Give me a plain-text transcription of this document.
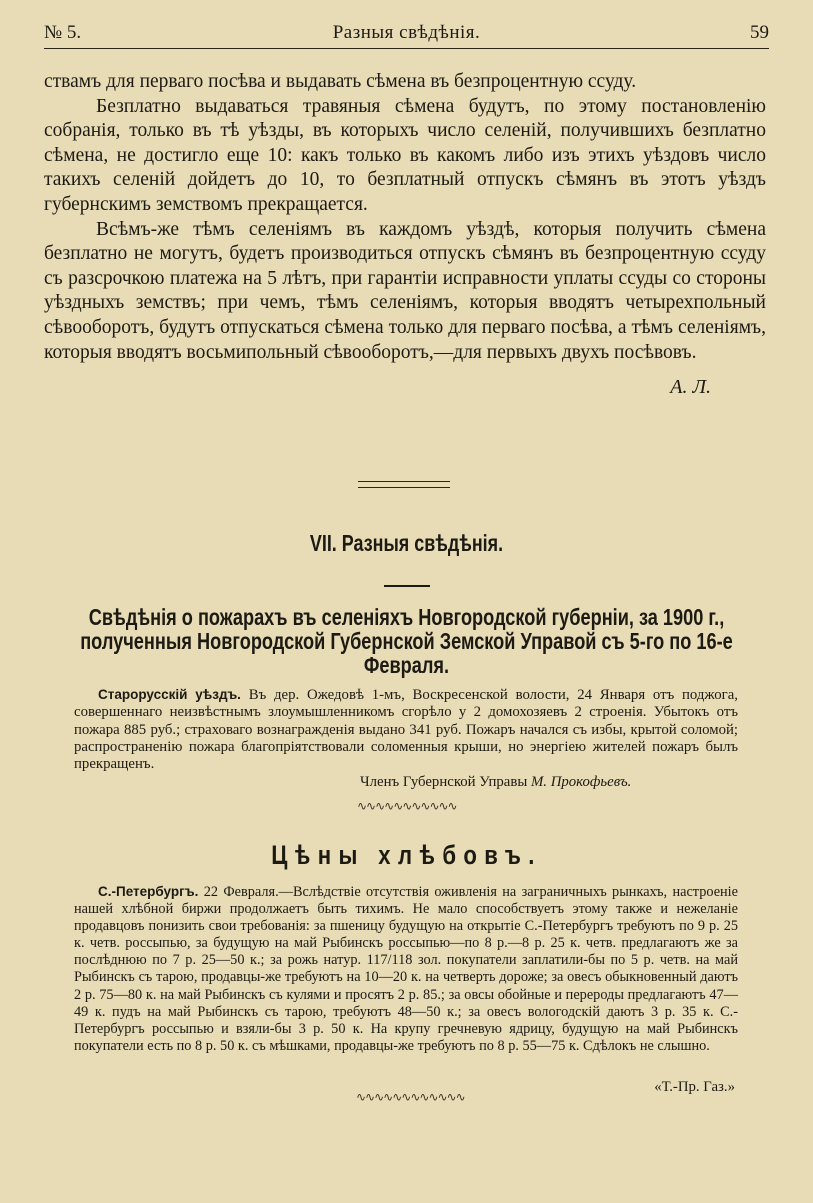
№ 5.	Разныя свѣдѣнія.	59

ствамъ для перваго посѣва и выдавать сѣмена въ безпроцентную ссуду.

Безплатно выдаваться травяныя сѣмена будутъ, по этому постановленію собранія, только въ тѣ уѣзды, въ которыхъ число селеній, получившихъ безплатно сѣмена, не достигло еще 10: какъ только въ какомъ либо изъ этихъ уѣздовъ число такихъ селеній дойдетъ до 10, то безплатный отпускъ сѣмянъ въ этотъ уѣздъ губернскимъ земствомъ прекращается.

Всѣмъ-же тѣмъ селеніямъ въ каждомъ уѣздѣ, которыя получить сѣмена безплатно не могутъ, будетъ производиться отпускъ сѣмянъ въ безпроцентную ссуду съ разсрочкою платежа на 5 лѣтъ, при гарантіи исправности уплаты ссуды со стороны уѣздныхъ земствъ; при чемъ, тѣмъ селеніямъ, которыя вводятъ четырехпольный сѣвооборотъ, будутъ отпускаться сѣмена только для перваго посѣва, а тѣмъ селеніямъ, которыя вводятъ восьмипольный сѣвооборотъ,—для первыхъ двухъ посѣвовъ.

А. Л.

VII. Разныя свѣдѣнія.
Свѣдѣнія о пожарахъ въ селеніяхъ Новгородской губерніи, за 1900 г., полученныя Новгородской Губернской Земской Управой съ 5-го по 16-е Февраля.
Старорусскій уѣздъ. Въ дер. Ожедовѣ 1-мъ, Воскресенской волости, 24 Января отъ поджога, совершеннаго неизвѣстнымъ злоумышленникомъ сгорѣло у 2 домохозяевъ 2 строенія. Убытокъ отъ пожара 885 руб.; страховаго вознагражденія выдано 341 руб. Пожаръ начался съ избы, крытой соломой; распространенію пожара благопріятствовали соломенныя крыши, но энергіею жителей пожаръ былъ прекращенъ.
Членъ Губернской Управы М. Прокофьевъ.
∿∿∿∿∿∿∿∿∿∿∿
Цѣны хлѣбовъ.
С.-Петербургъ. 22 Февраля.—Вслѣдствіе отсутствія оживленія на заграничныхъ рынкахъ, настроеніе нашей хлѣбной биржи продолжаетъ быть тихимъ. Не мало способствуетъ этому также и нежеланіе продавцовъ понизить свои требованія: за пшеницу будущую на открытіе С.-Петербургъ требуютъ по 9 р. 25 к. четв. россыпью, за будущую на май Рыбинскъ россыпью—по 8 р.—8 р. 25 к. четв. предлагаютъ же за послѣднюю по 7 р. 25—50 к.; за рожь натур. 117/118 зол. покупатели заплатили-бы по 5 р. четв. на май Рыбинскъ съ тарою, продавцы-же требуютъ на 10—20 к. на четверть дороже; за овесъ обыкновенный даютъ 2 р. 75—80 к. на май Рыбинскъ съ кулями и просятъ 2 р. 85.; за овсы обойные и перероды предлагаютъ 47—49 к. пудъ на май Рыбинскъ съ тарою, требуютъ 48—50 к.; за овесъ вологодскій даютъ 3 р. 35 к. С.-Петербургъ россыпью и взяли-бы 3 р. 50 к. На крупу гречневую ядрицу, будущую на май Рыбинскъ покупатели есть по 8 р. 50 к. съ мѣшками, продавцы-же требуютъ по 8 р. 55—75 к. Сдѣлокъ не слышно.
«Т.-Пр. Газ.»
∿∿∿∿∿∿∿∿∿∿∿∿
